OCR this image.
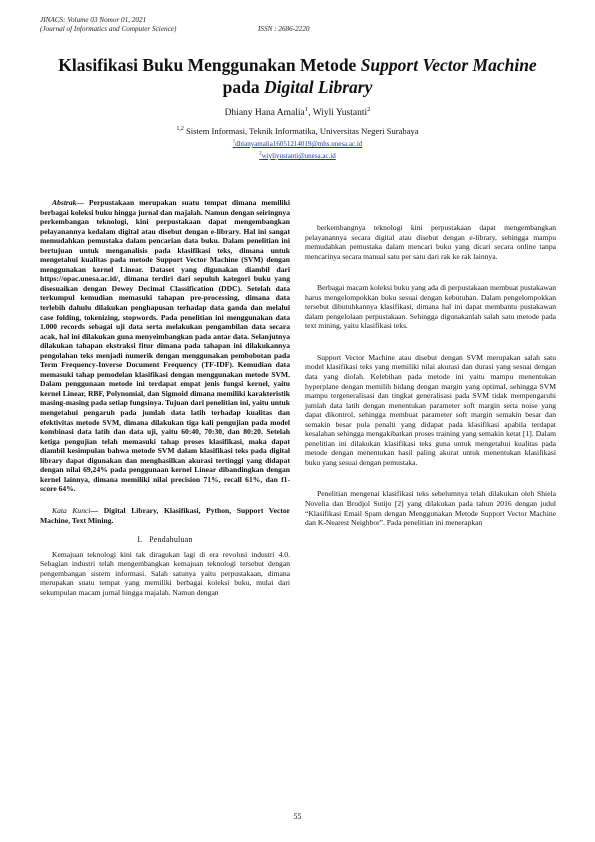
JINACS: Volume 03 Nomor 01, 2021
(Journal of Informatics and Computer Science)	ISSN : 2686-2220
Klasifikasi Buku Menggunakan Metode Support Vector Machine pada Digital Library
Dhiany Hana Amalia$^1$, Wiyli Yustanti$^2$
$^{1,2}$ Sistem Informasi, Teknik Informatika, Universitas Negeri Surabaya
$^1$dhianyamalia16051214019@mhs.unesa.ac.id
$^2$wiyliyustanti@unesa.ac.id

Abstrak— Perpustakaan merupakan suatu tempat dimana memiliki berbagai koleksi buku hingga jurnal dan majalah. Namun dengan seiringnya perkembangan teknologi, kini perpustakaan dapat mengembangkan pelayanannya kedalam digital atau disebut dengan e-library. Hal ini sangat memudahkan pemustaka dalam pencarian data buku. Dalam penelitian ini bertujuan untuk menganalisis pada klasifikasi teks, dimana untuk mengetahui kualitas pada metode Support Vector Machine (SVM) dengan menggunakan kernel Linear. Dataset yang digunakan diambil dari https://opac.unesa.ac.id/, dimana terdiri dari sepuluh kategori buku yang disesuaikan dengan Dewey Decimal Classification (DDC). Setelah data terkumpul kemudian memasuki tahapan pre-processing, dimana data terlebih dahulu dilakukan penghapusan terhadap data ganda dan melalui case folding, tokenizing, stopwords. Pada penelitian ini menggunakan data 1.000 records sebagai uji data serta melakukan pengambilan data secara acak, hal ini dilakukan guna menyeimbangkan pada antar data. Selanjutnya dilakukan tahapan ekstraksi fitur dimana pada tahapan ini dilakukannya pengolahan teks menjadi numerik dengan menggunakan pembobotan pada Term Frequency-Inverse Document Frequency (TF-IDF). Kemudian data memasuki tahap pemodelan klasifikasi dengan menggunakan metode SVM. Dalam penggunaan metode ini terdapat empat jenis fungsi kernel, yaitu kernel Linear, RBF, Polynomial, dan Sigmoid dimana memiliki karakteristik masing-masing pada setiap fungsinya. Tujuan dari penelitian ini, yaitu untuk mengetahui pengaruh pada jumlah data latih terhadap kualitas dan efektivitas metode SVM, dimana dilakukan tiga kali pengujian pada model kombinasi data latih dan data uji, yaitu 60:40, 70:30, dan 80:20. Setelah ketiga pengujian telah memasuki tahap proses klasifikasi, maka dapat diambil kesimpulan bahwa metode SVM dalam klasifikasi teks pada digital library dapat digunakan dan menghasilkan akurasi tertinggi yang didapat dengan nilai 69,24% pada penggunaan kernel Linear dibandingkan dengan kernel lainnya, dimana memiliki nilai precision 71%, recall 61%, dan f1-score 64%.

Kata Kunci— Digital Library, Klasifikasi, Python, Support Vector Machine, Text Mining.

I. Pendahuluan

Kemajuan teknologi kini tak diragukan lagi di era revolusi industri 4.0. Sebagian industri telah mengembangkan kemajuan teknologi tersebut dengan pengembangan sistem informasi. Salah satunya yaitu perpustakaan, dimana merupakan suatu tempat yang memiliki berbagai koleksi buku, mulai dari sekumpulan macam jurnal hingga majalah. Namun dengan

berkembangnya teknologi kini perpustakaan dapat mengembangkan pelayanannya secara digital atau disebut dengan e-library, sehingga mampu memudahkan pemustaka dalam mencari buku yang dicari secara online tanpa mencarinya secara manual satu per satu dari rak ke rak lainnya.

Berbagai macam koleksi buku yang ada di perpustakaan membuat pustakawan harus mengelompokkan buku sesuai dengan kebutuhan. Dalam pengelompokkan tersebut dibutuhkannya klasifikasi, dimana hal ini dapat membantu pustakawan dalam pengelolaan perpustakaan. Sehingga digunakanlah salah satu metode pada text mining, yaitu klasifikasi teks.

Support Vector Machine atau disebut dengan SVM merupakan salah satu model klasifikasi teks yang memiliki nilai akurasi dan durasi yang sesuai dengan data yang diolah. Kelebihan pada metode ini yaitu mampu menentukan hyperplane dengan memilih bidang dengan margin yang optimal, sehingga SVM mampu tergeneralisasi dan tingkat generalisasi pada SVM tidak mempengaruhi jumlah data latih dengan menentukan parameter soft margin serta noise yang dapat dikontrol, sehingga membuat parameter soft margin semakin besar dan semakin besar pula penalti yang didapat pada klasifikasi apabila terdapat kesalahan sehingga mengakibatkan proses training yang semakin ketat [1]. Dalam penelitian ini dilakukan klasifikasi teks guna untuk mengetahui kualitas pada metode dengan menentukan hasil paling akurat untuk menentukan klasifikasi buku yang sesuai dengan pemustaka.

Penelitian mengenai klasifikasi teks sebelumnya telah dilakukan oleh Shiela Novelia dan Brodjol Sutijo [2] yang dilakukan pada tahun 2016 dengan judul “Klasifikasi Email Spam dengan Menggunakan Metode Support Vector Machine dan K-Nearest Neighbor”. Pada penelitian ini menerapkan

55
